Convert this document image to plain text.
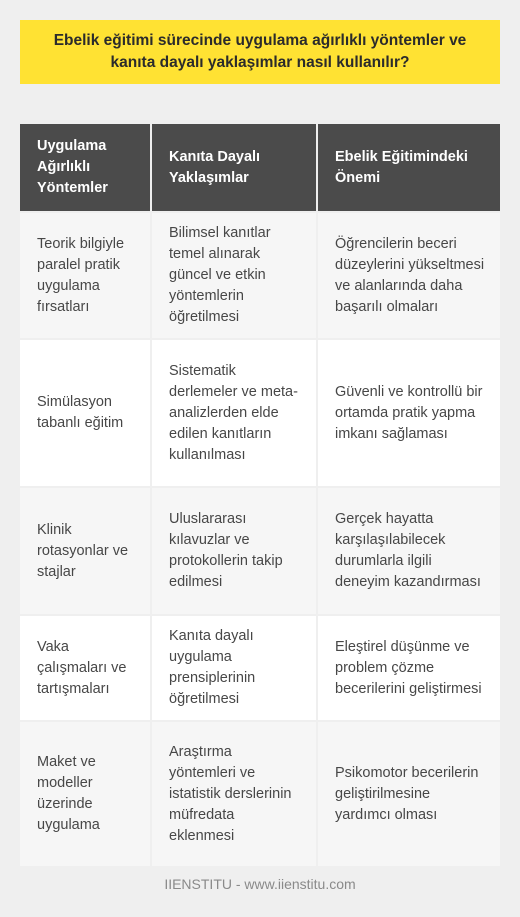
Ebelik eğitimi sürecinde uygulama ağırlıklı yöntemler ve kanıta dayalı yaklaşımlar nasıl kullanılır?
Uygulama Ağırlıklı Yöntemler	Kanıta Dayalı Yaklaşımlar	Ebelik Eğitimindeki Önemi
Teorik bilgiyle paralel pratik uygulama fırsatları	Bilimsel kanıtlar temel alınarak güncel ve etkin yöntemlerin öğretilmesi	Öğrencilerin beceri düzeylerini yükseltmesi ve alanlarında daha başarılı olmaları
Simülasyon tabanlı eğitim	Sistematik derlemeler ve meta-analizlerden elde edilen kanıtların kullanılması	Güvenli ve kontrollü bir ortamda pratik yapma imkanı sağlaması
Klinik rotasyonlar ve stajlar	Uluslararası kılavuzlar ve protokollerin takip edilmesi	Gerçek hayatta karşılaşılabilecek durumlarla ilgili deneyim kazandırması
Vaka çalışmaları ve tartışmaları	Kanıta dayalı uygulama prensiplerinin öğretilmesi	Eleştirel düşünme ve problem çözme becerilerini geliştirmesi
Maket ve modeller üzerinde uygulama	Araştırma yöntemleri ve istatistik derslerinin müfredata eklenmesi	Psikomotor becerilerin geliştirilmesine yardımcı olması
IIENSTITU - www.iienstitu.com
